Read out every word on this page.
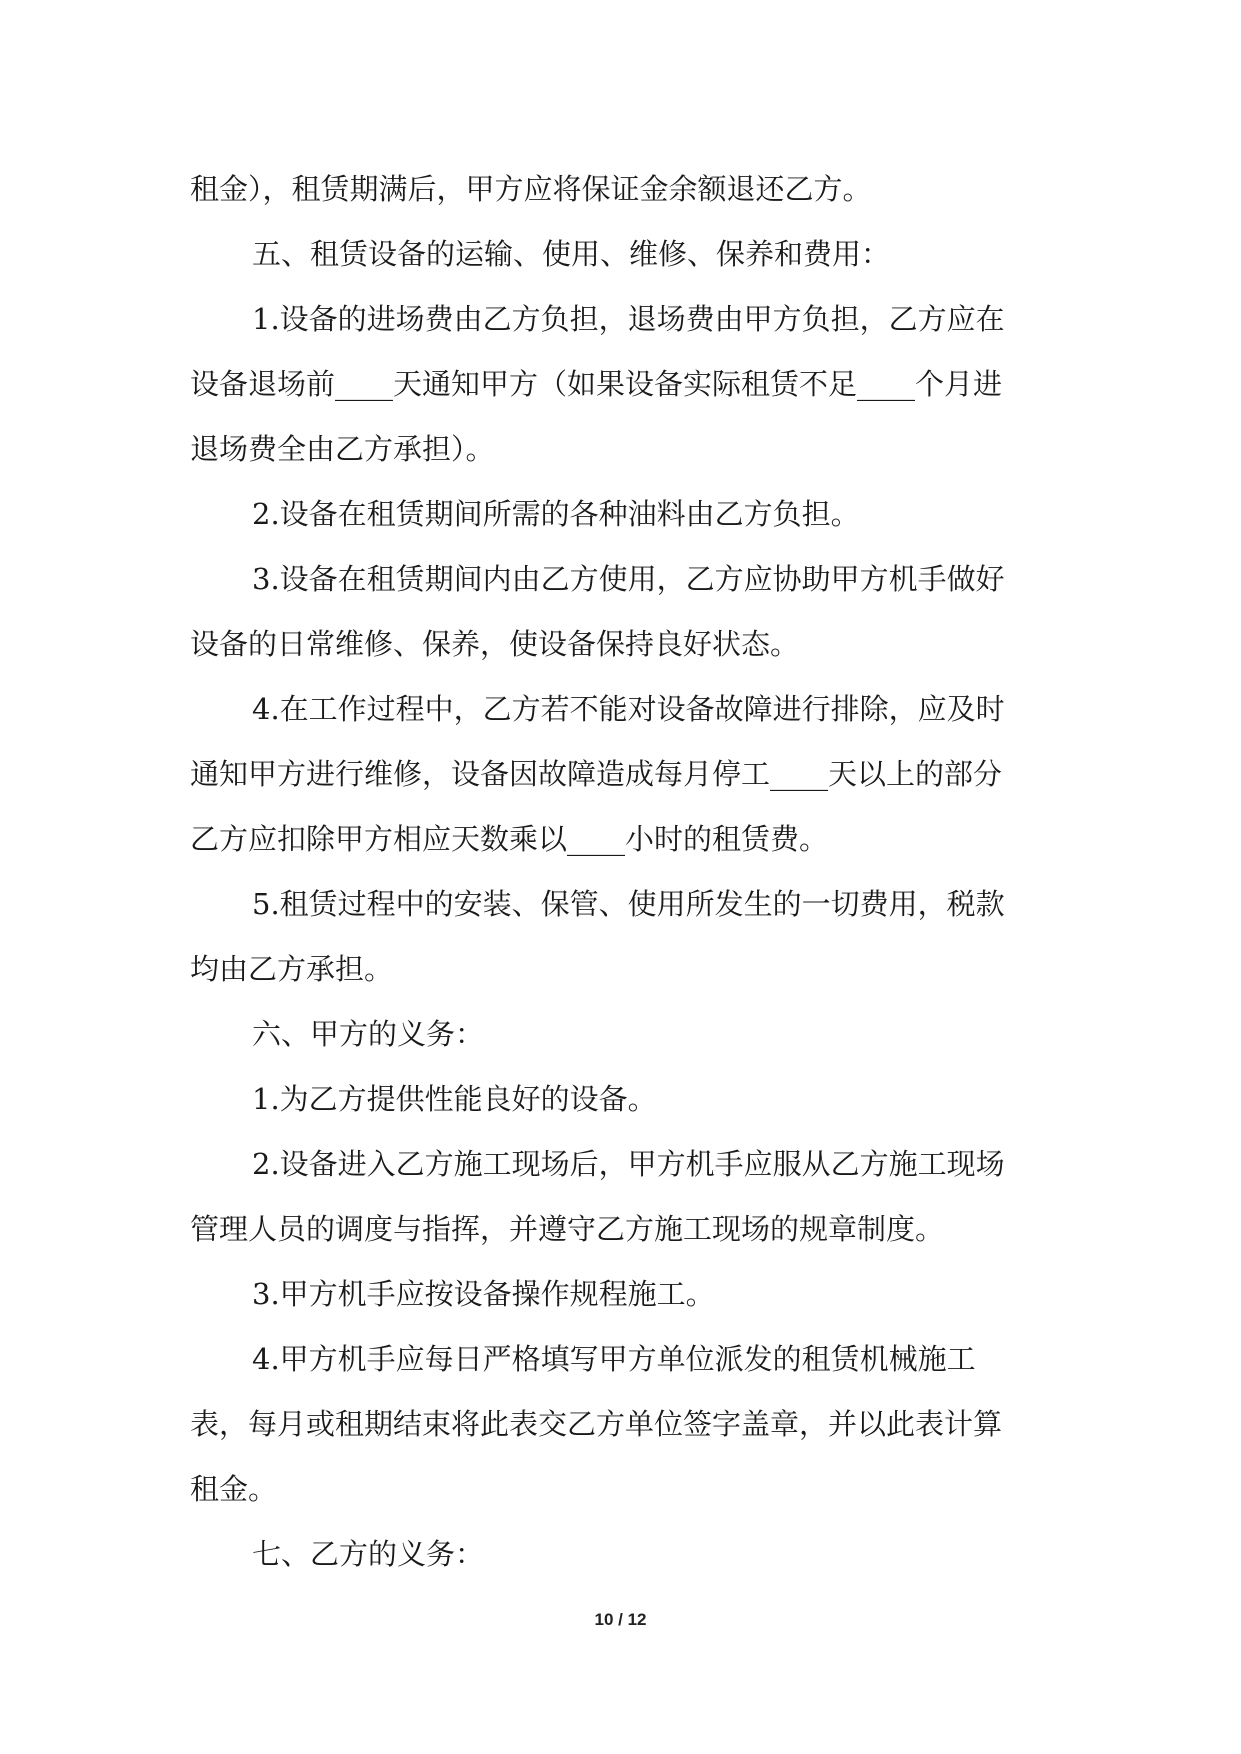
租金），租赁期满后，甲方应将保证金余额退还乙方。
五、租赁设备的运输、使用、维修、保养和费用：
1.设备的进场费由乙方负担，退场费由甲方负担，乙方应在
设备退场前____天通知甲方（如果设备实际租赁不足____个月进
退场费全由乙方承担）。
2.设备在租赁期间所需的各种油料由乙方负担。
3.设备在租赁期间内由乙方使用，乙方应协助甲方机手做好
设备的日常维修、保养，使设备保持良好状态。
4.在工作过程中，乙方若不能对设备故障进行排除，应及时
通知甲方进行维修，设备因故障造成每月停工____天以上的部分
乙方应扣除甲方相应天数乘以____小时的租赁费。
5.租赁过程中的安装、保管、使用所发生的一切费用，税款
均由乙方承担。
六、甲方的义务：
1.为乙方提供性能良好的设备。
2.设备进入乙方施工现场后，甲方机手应服从乙方施工现场
管理人员的调度与指挥，并遵守乙方施工现场的规章制度。
3.甲方机手应按设备操作规程施工。
4.甲方机手应每日严格填写甲方单位派发的租赁机械施工
表，每月或租期结束将此表交乙方单位签字盖章，并以此表计算
租金。
七、乙方的义务：
10 / 12
